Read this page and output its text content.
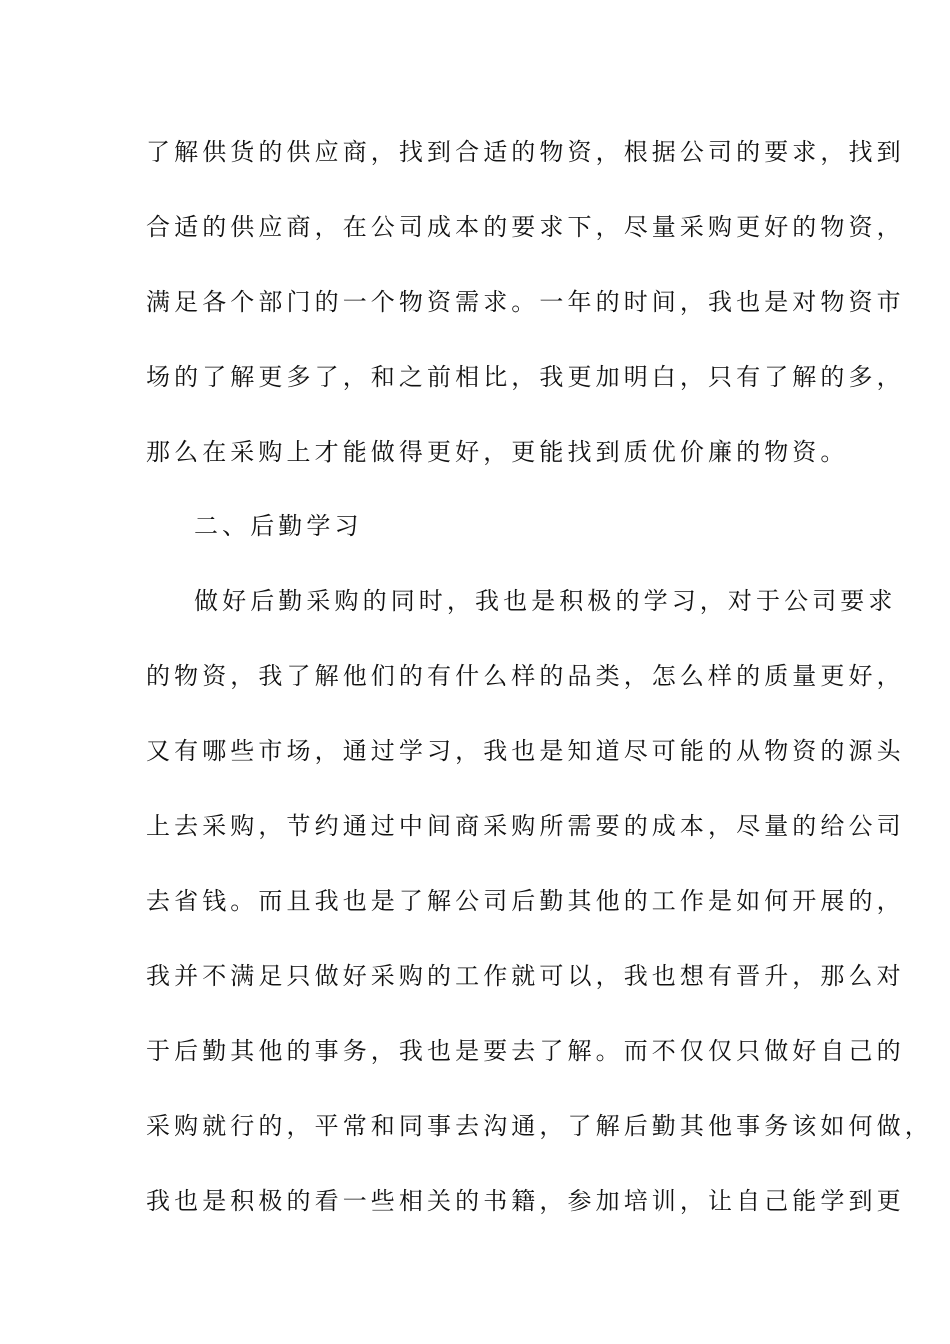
了解供货的供应商，找到合适的物资，根据公司的要求，找到
合适的供应商，在公司成本的要求下，尽量采购更好的物资，
满足各个部门的一个物资需求。一年的时间，我也是对物资市
场的了解更多了，和之前相比，我更加明白，只有了解的多，
那么在采购上才能做得更好，更能找到质优价廉的物资。
二、后勤学习
做好后勤采购的同时，我也是积极的学习，对于公司要求
的物资，我了解他们的有什么样的品类，怎么样的质量更好，
又有哪些市场，通过学习，我也是知道尽可能的从物资的源头
上去采购，节约通过中间商采购所需要的成本，尽量的给公司
去省钱。而且我也是了解公司后勤其他的工作是如何开展的，
我并不满足只做好采购的工作就可以，我也想有晋升，那么对
于后勤其他的事务，我也是要去了解。而不仅仅只做好自己的
采购就行的，平常和同事去沟通，了解后勤其他事务该如何做，
我也是积极的看一些相关的书籍，参加培训，让自己能学到更
